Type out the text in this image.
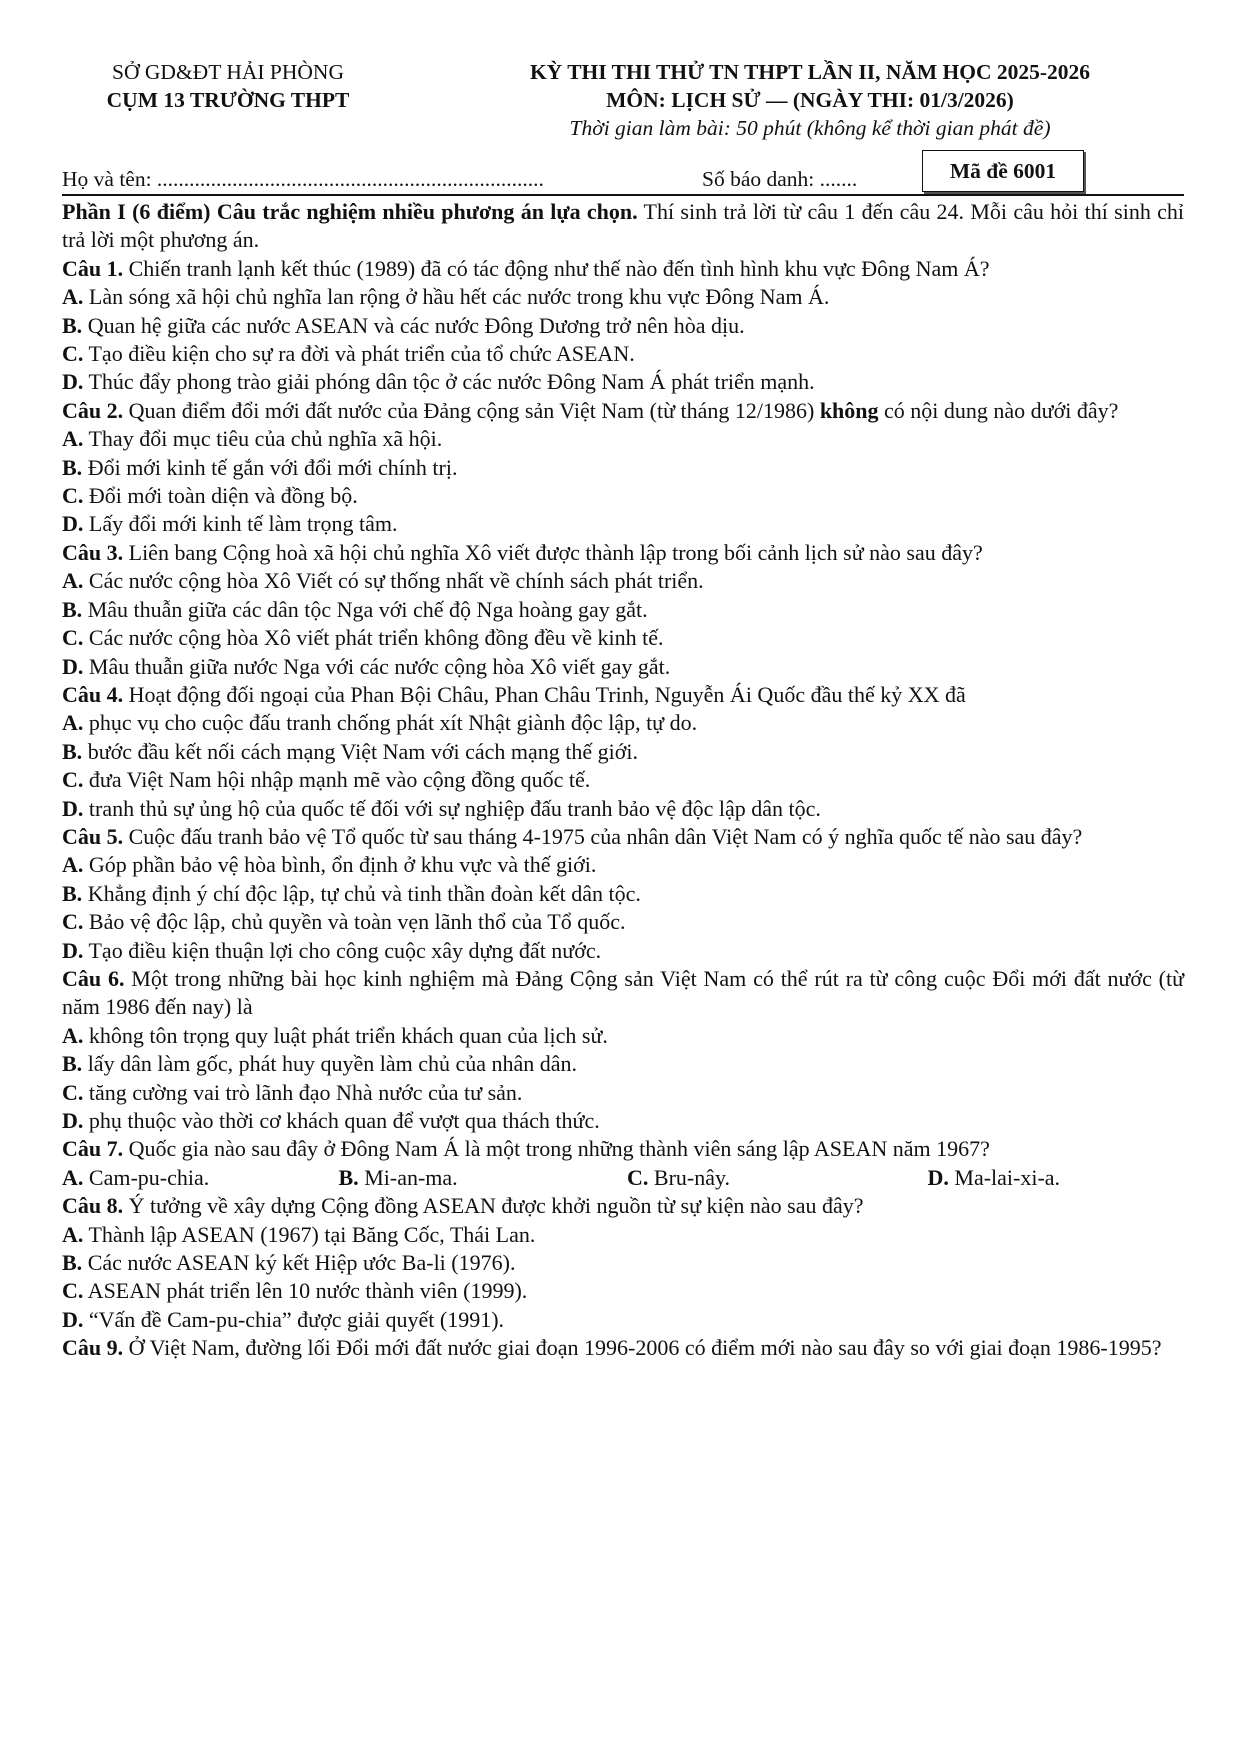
SỞ GD&ĐT HẢI PHÒNG
CỤM 13 TRƯỜNG THPT
KỲ THI THI THỬ TN THPT LẦN II, NĂM HỌC 2025-2026
MÔN: LỊCH SỬ — (NGÀY THI: 01/3/2026)
Thời gian làm bài: 50 phút (không kể thời gian phát đề)
Họ và tên: ........................................................................	Số báo danh: .......	Mã đề 6001

Phần I (6 điểm) Câu trắc nghiệm nhiều phương án lựa chọn. Thí sinh trả lời từ câu 1 đến câu 24. Mỗi câu hỏi thí sinh chỉ trả lời một phương án.

Câu 1. Chiến tranh lạnh kết thúc (1989) đã có tác động như thế nào đến tình hình khu vực Đông Nam Á?

A. Làn sóng xã hội chủ nghĩa lan rộng ở hầu hết các nước trong khu vực Đông Nam Á.

B. Quan hệ giữa các nước ASEAN và các nước Đông Dương trở nên hòa dịu.

C. Tạo điều kiện cho sự ra đời và phát triển của tổ chức ASEAN.

D. Thúc đẩy phong trào giải phóng dân tộc ở các nước Đông Nam Á phát triển mạnh.

Câu 2. Quan điểm đổi mới đất nước của Đảng cộng sản Việt Nam (từ tháng 12/1986) không có nội dung nào dưới đây?

A. Thay đổi mục tiêu của chủ nghĩa xã hội.

B. Đổi mới kinh tế gắn với đổi mới chính trị.

C. Đổi mới toàn diện và đồng bộ.

D. Lấy đổi mới kinh tế làm trọng tâm.

Câu 3. Liên bang Cộng hoà xã hội chủ nghĩa Xô viết được thành lập trong bối cảnh lịch sử nào sau đây?

A. Các nước cộng hòa Xô Viết có sự thống nhất về chính sách phát triển.

B. Mâu thuẫn giữa các dân tộc Nga với chế độ Nga hoàng gay gắt.

C. Các nước cộng hòa Xô viết phát triển không đồng đều về kinh tế.

D. Mâu thuẫn giữa nước Nga với các nước cộng hòa Xô viết gay gắt.

Câu 4. Hoạt động đối ngoại của Phan Bội Châu, Phan Châu Trinh, Nguyễn Ái Quốc đầu thế kỷ XX đã

A. phục vụ cho cuộc đấu tranh chống phát xít Nhật giành độc lập, tự do.

B. bước đầu kết nối cách mạng Việt Nam với cách mạng thế giới.

C. đưa Việt Nam hội nhập mạnh mẽ vào cộng đồng quốc tế.

D. tranh thủ sự ủng hộ của quốc tế đối với sự nghiệp đấu tranh bảo vệ độc lập dân tộc.

Câu 5. Cuộc đấu tranh bảo vệ Tổ quốc từ sau tháng 4-1975 của nhân dân Việt Nam có ý nghĩa quốc tế nào sau đây?

A. Góp phần bảo vệ hòa bình, ổn định ở khu vực và thế giới.

B. Khẳng định ý chí độc lập, tự chủ và tinh thần đoàn kết dân tộc.

C. Bảo vệ độc lập, chủ quyền và toàn vẹn lãnh thổ của Tổ quốc.

D. Tạo điều kiện thuận lợi cho công cuộc xây dựng đất nước.

Câu 6. Một trong những bài học kinh nghiệm mà Đảng Cộng sản Việt Nam có thể rút ra từ công cuộc Đổi mới đất nước (từ năm 1986 đến nay) là

A. không tôn trọng quy luật phát triển khách quan của lịch sử.

B. lấy dân làm gốc, phát huy quyền làm chủ của nhân dân.

C. tăng cường vai trò lãnh đạo Nhà nước của tư sản.

D. phụ thuộc vào thời cơ khách quan để vượt qua thách thức.

Câu 7. Quốc gia nào sau đây ở Đông Nam Á là một trong những thành viên sáng lập ASEAN năm 1967?

A. Cam-pu-chia.	B. Mi-an-ma.	C. Bru-nây.	D. Ma-lai-xi-a.

Câu 8. Ý tưởng về xây dựng Cộng đồng ASEAN được khởi nguồn từ sự kiện nào sau đây?

A. Thành lập ASEAN (1967) tại Băng Cốc, Thái Lan.

B. Các nước ASEAN ký kết Hiệp ước Ba-li (1976).

C. ASEAN phát triển lên 10 nước thành viên (1999).

D. “Vấn đề Cam-pu-chia” được giải quyết (1991).

Câu 9. Ở Việt Nam, đường lối Đổi mới đất nước giai đoạn 1996-2006 có điểm mới nào sau đây so với giai đoạn 1986-1995?
